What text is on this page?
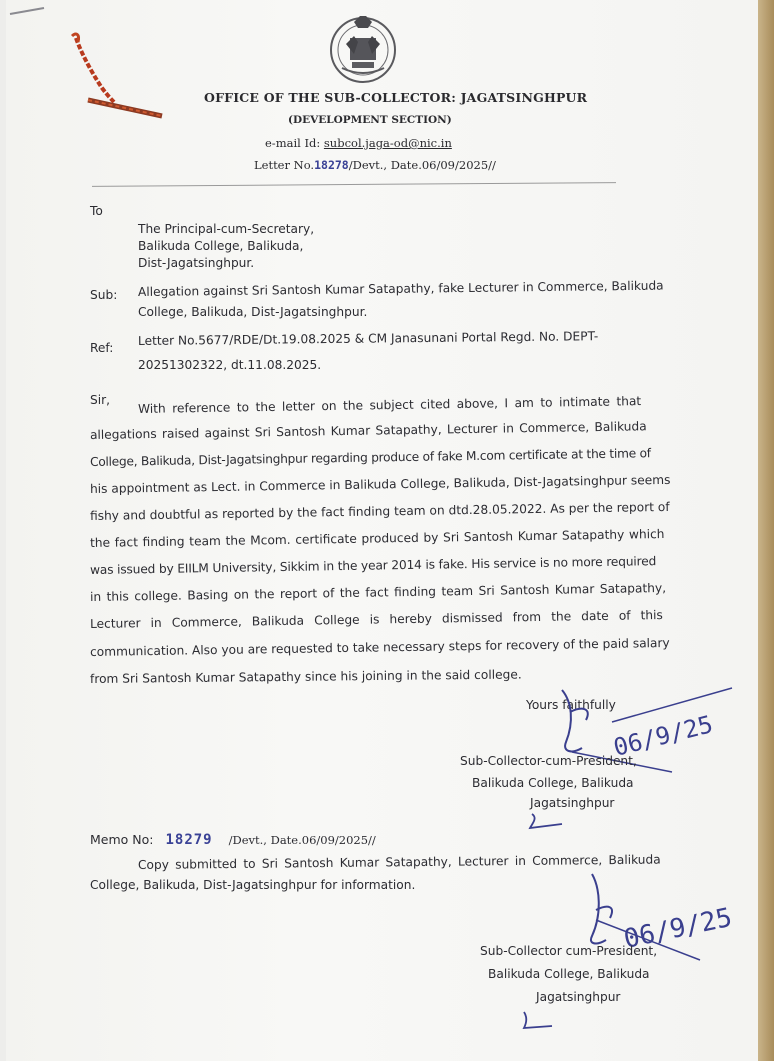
OFFICE OF THE SUB-COLLECTOR: JAGATSINGHPUR
(DEVELOPMENT SECTION)
e-mail Id: subcol.jaga-od@nic.in
Letter No.18278/Devt., Date.06/09/2025//
To
The Principal-cum-Secretary,
Balikuda College, Balikuda,
Dist-Jagatsinghpur.
Sub: Allegation against Sri Santosh Kumar Satapathy, fake Lecturer in Commerce, Balikuda
College, Balikuda, Dist-Jagatsinghpur.
Ref:
Letter No.5677/RDE/Dt.19.08.2025 & CM Janasunani Portal Regd. No. DEPT-
20251302322, dt.11.08.2025.
Sir, With reference to the letter on the subject cited above, I am to intimate that
allegations raised against Sri Santosh Kumar Satapathy, Lecturer in Commerce, Balikuda
College, Balikuda, Dist-Jagatsinghpur regarding produce of fake M.com certificate at the time of
his appointment as Lect. in Commerce in Balikuda College, Balikuda, Dist-Jagatsinghpur seems
fishy and doubtful as reported by the fact finding team on dtd.28.05.2022. As per the report of
the fact finding team the Mcom. certificate produced by Sri Santosh Kumar Satapathy which
was issued by EIILM University, Sikkim in the year 2014 is fake. His service is no more required
in this college. Basing on the report of the fact finding team Sri Santosh Kumar Satapathy,
Lecturer in Commerce, Balikuda College is hereby dismissed from the date of this
communication. Also you are requested to take necessary steps for recovery of the paid salary
from Sri Santosh Kumar Satapathy since his joining in the said college.
Yours faithfully
06/9/25
Sub-Collector-cum-President,
Balikuda College, Balikuda
Jagatsinghpur
Memo No: 18279 /Devt., Date.06/09/2025//
Copy submitted to Sri Santosh Kumar Satapathy, Lecturer in Commerce, Balikuda
College, Balikuda, Dist-Jagatsinghpur for information.
06/9/25
Sub-Collector cum-President,
Balikuda College, Balikuda
Jagatsinghpur
